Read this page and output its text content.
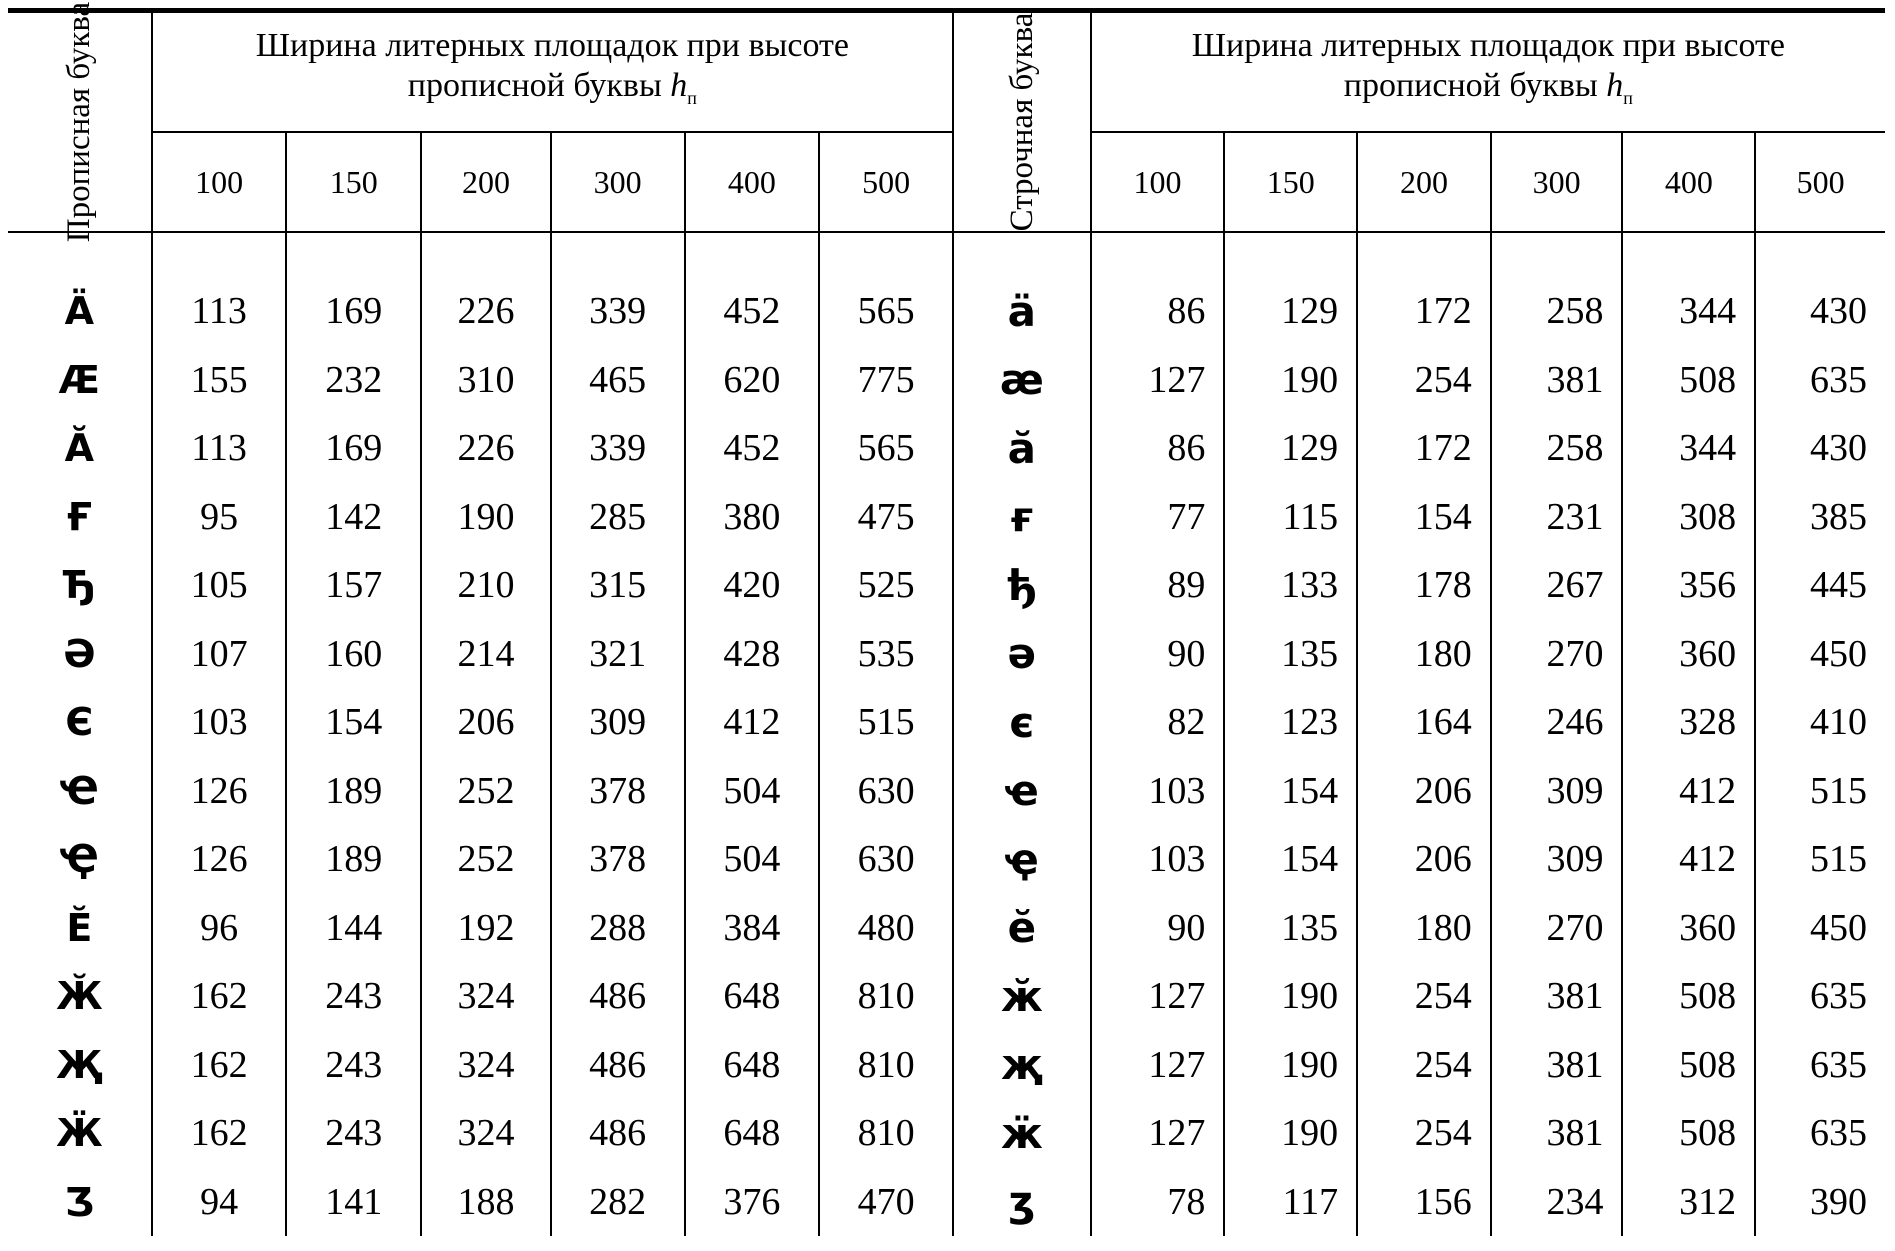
Прописная буква	Ширина литерных площадок при высоте
прописной буквы $h_п$						Строчная буква	Ширина литерных площадок при высоте
прописной буквы $h_п$

	100	150	200	300	400	500		100	150	200	300	400	500

Ä	113	169	226	339	452	565	ä	86	129	172	258	344	430
Æ	155	232	310	465	620	775	æ	127	190	254	381	508	635
Ӑ	113	169	226	339	452	565	ӑ	86	129	172	258	344	430
Ғ	95	142	190	285	380	475	ғ	77	115	154	231	308	385
Ђ	105	157	210	315	420	525	ђ	89	133	178	267	356	445
Ә	107	160	214	321	428	535	ә	90	135	180	270	360	450
Є	103	154	206	309	412	515	є	82	123	164	246	328	410
Ҽ	126	189	252	378	504	630	ҽ	103	154	206	309	412	515
Ҿ	126	189	252	378	504	630	ҿ	103	154	206	309	412	515
Ӗ	96	144	192	288	384	480	ӗ	90	135	180	270	360	450
Ӂ	162	243	324	486	648	810	ӂ	127	190	254	381	508	635
Җ	162	243	324	486	648	810	җ	127	190	254	381	508	635
Ӝ	162	243	324	486	648	810	ӝ	127	190	254	381	508	635
Ʒ	94	141	188	282	376	470	ʒ	78	117	156	234	312	390
